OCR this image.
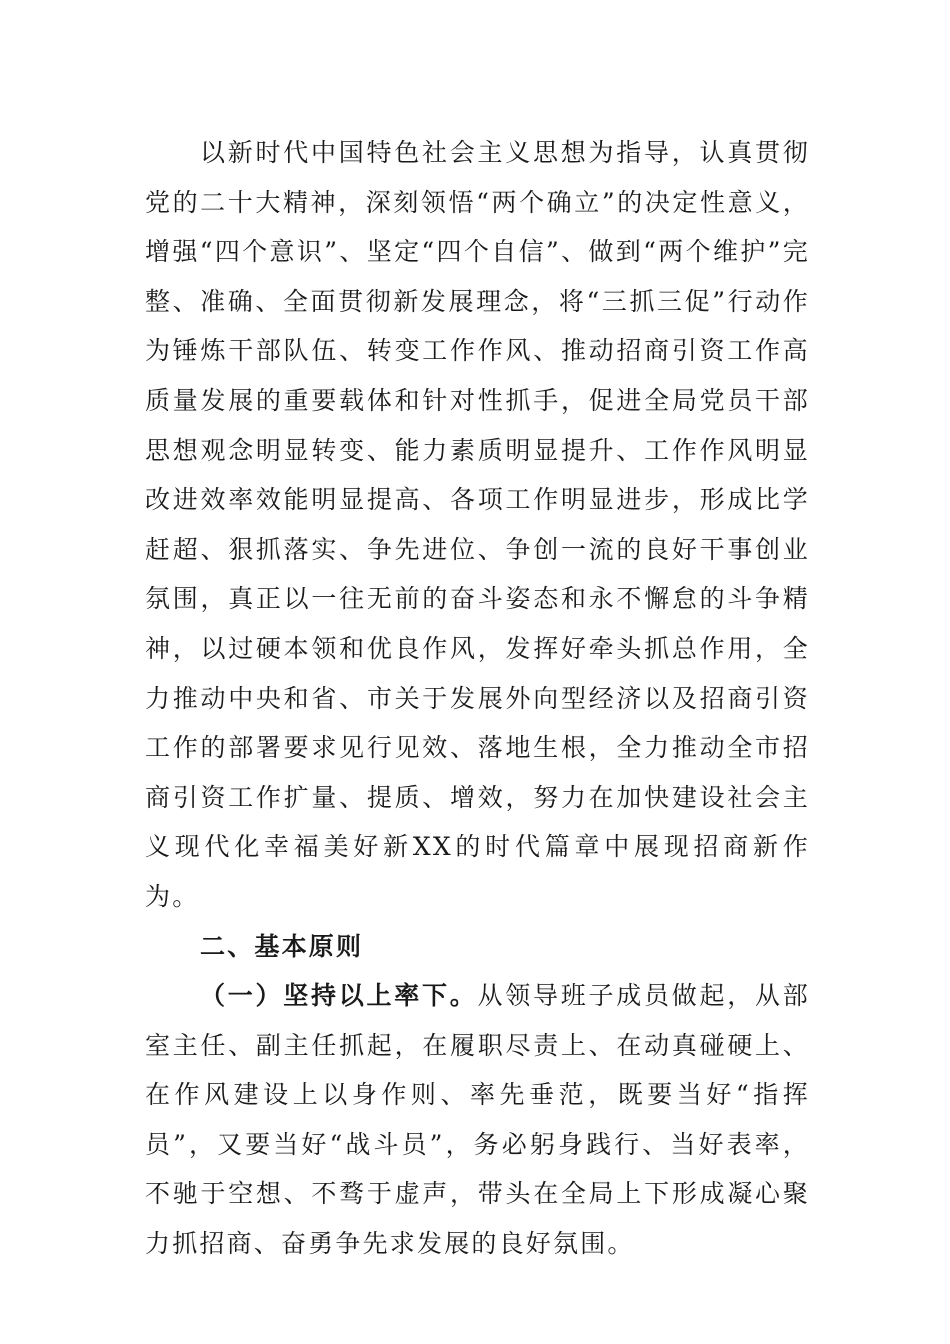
以新时代中国特色社会主义思想为指导，认真贯彻党的二十大精神，深刻领悟“两个确立”的决定性意义，增强“四个意识”、坚定“四个自信”、做到“两个维护”完整、准确、全面贯彻新发展理念，将“三抓三促”行动作为锤炼干部队伍、转变工作作风、推动招商引资工作高质量发展的重要载体和针对性抓手，促进全局党员干部思想观念明显转变、能力素质明显提升、工作作风明显改进效率效能明显提高、各项工作明显进步，形成比学赶超、狠抓落实、争先进位、争创一流的良好干事创业氛围，真正以一往无前的奋斗姿态和永不懈怠的斗争精神，以过硬本领和优良作风，发挥好牵头抓总作用，全力推动中央和省、市关于发展外向型经济以及招商引资工作的部署要求见行见效、落地生根，全力推动全市招商引资工作扩量、提质、增效，努力在加快建设社会主义现代化幸福美好新XX的时代篇章中展现招商新作为。

二、基本原则

（一）坚持以上率下。从领导班子成员做起，从部室主任、副主任抓起，在履职尽责上、在动真碰硬上、在作风建设上以身作则、率先垂范，既要当好“指挥员”，又要当好“战斗员”，务必躬身践行、当好表率，不驰于空想、不骛于虚声，带头在全局上下形成凝心聚力抓招商、奋勇争先求发展的良好氛围。
